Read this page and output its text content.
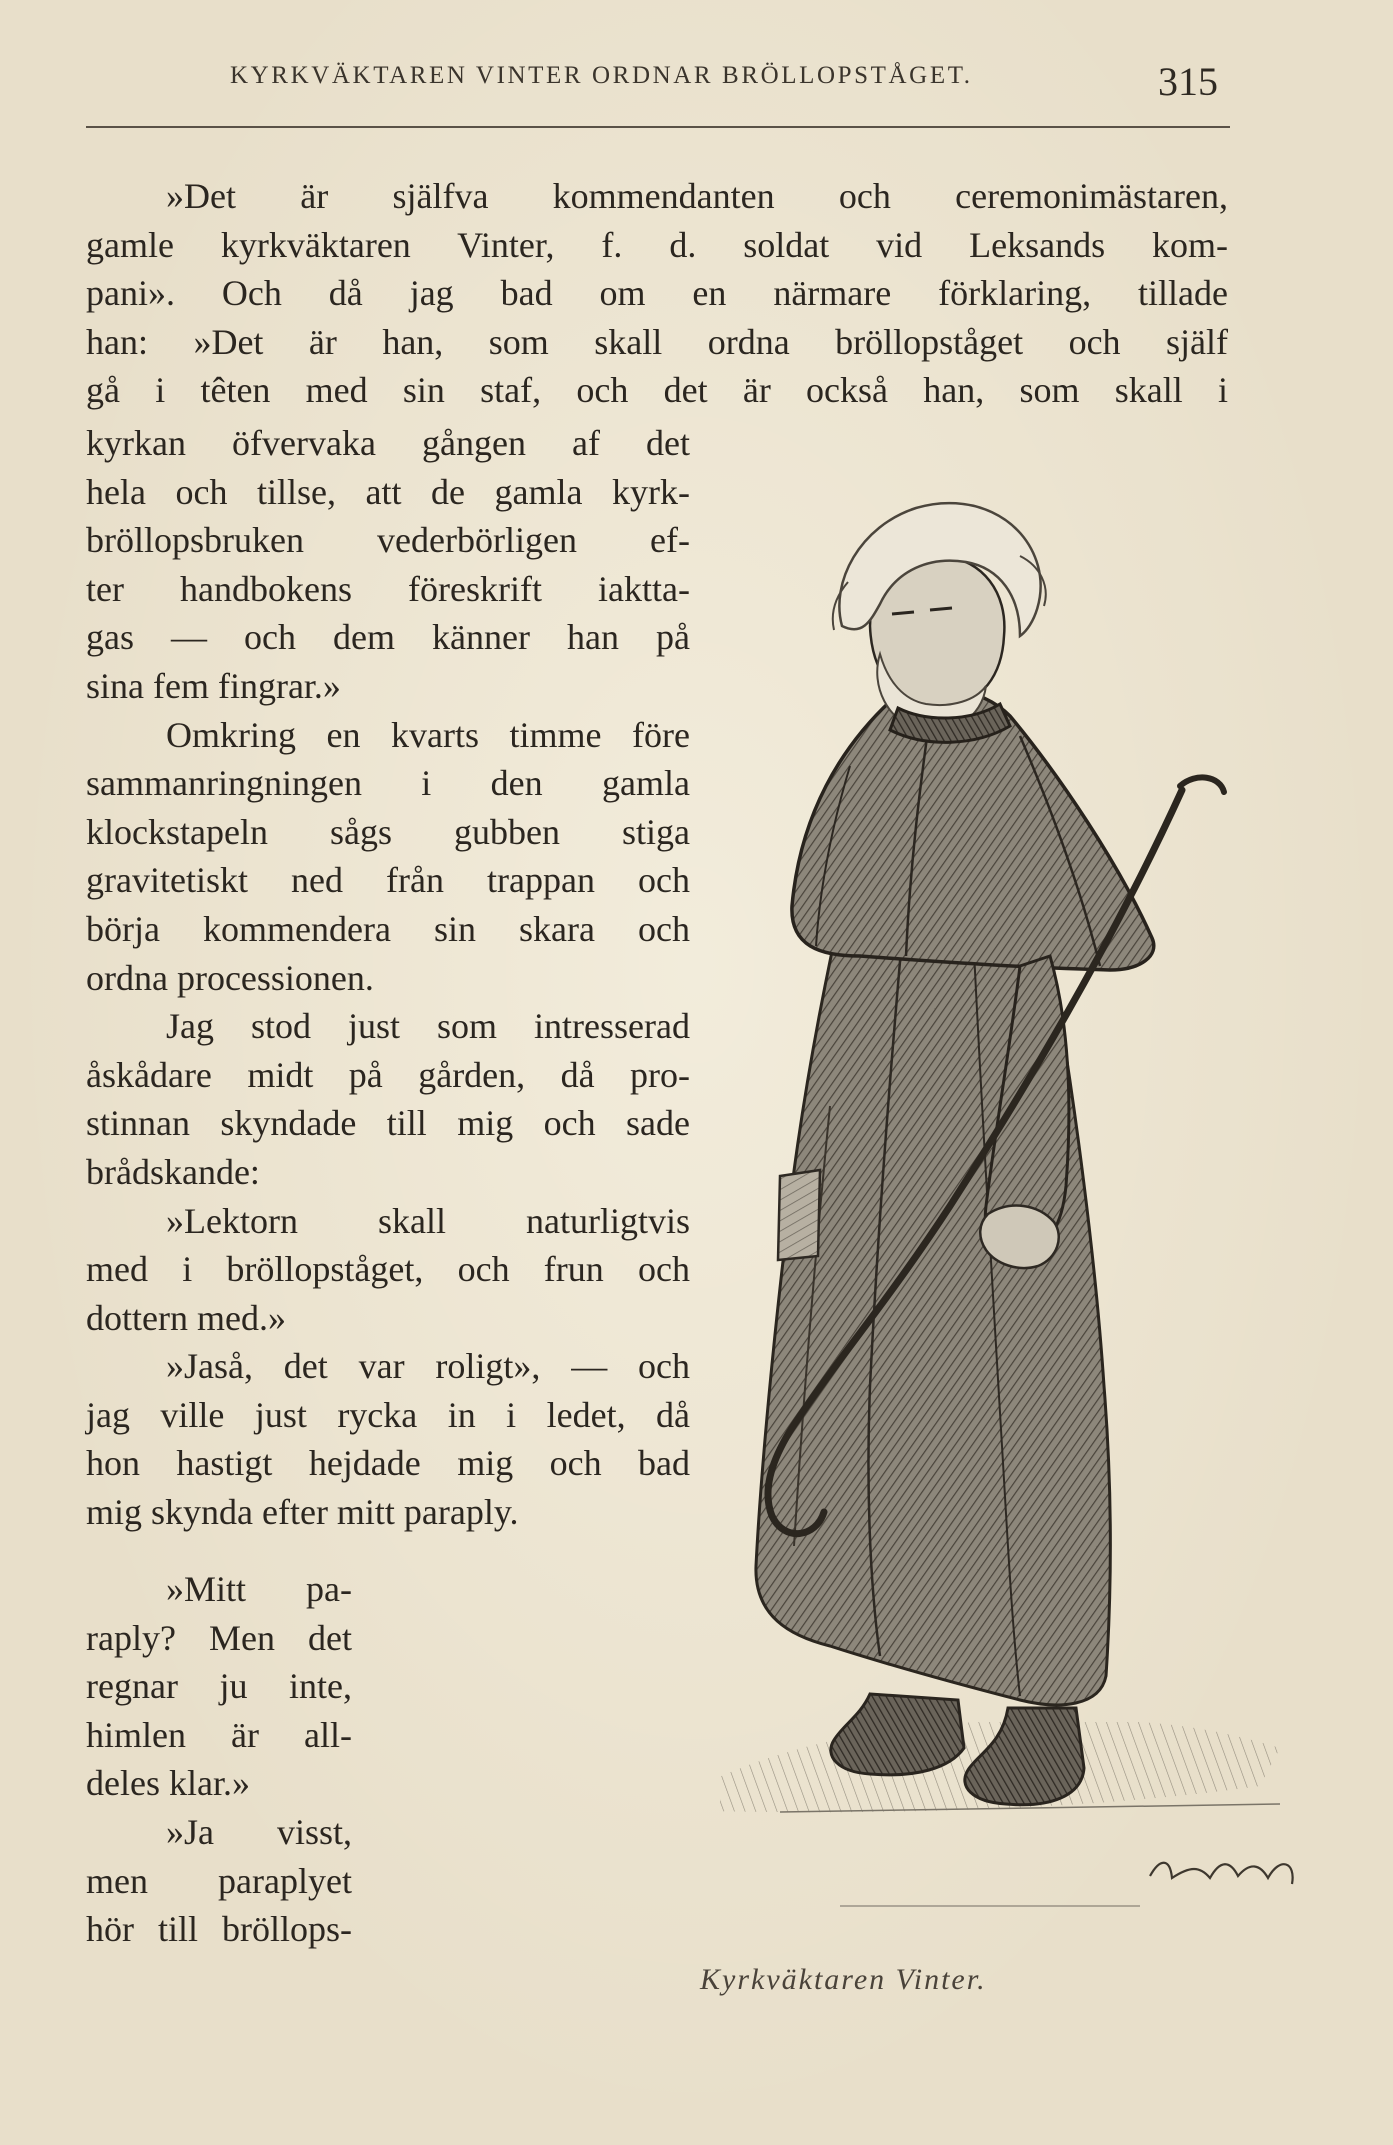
KYRKVÄKTAREN VINTER ORDNAR BRÖLLOPSTÅGET.	315
»Det är själfva kommendanten och ceremonimästaren,
gamle kyrkväktaren Vinter, f. d. soldat vid Leksands kom-
pani». Och då jag bad om en närmare förklaring, tillade
han: »Det är han, som skall ordna bröllopståget och själf
gå i têten med sin staf, och det är också han, som skall i
kyrkan öfvervaka gången af det
hela och tillse, att de gamla kyrk-
bröllopsbruken vederbörligen ef-
ter handbokens föreskrift iaktta-
gas — och dem känner han på
sina fem fingrar.»
Omkring en kvarts timme före
sammanringningen i den gamla
klockstapeln sågs gubben stiga
gravitetiskt ned från trappan och
börja kommendera sin skara och
ordna processionen.
Jag stod just som intresserad
åskådare midt på gården, då pro-
stinnan skyndade till mig och sade
brådskande:
»Lektorn skall naturligtvis
med i bröllopståget, och frun och
dottern med.»
»Jaså, det var roligt», — och
jag ville just rycka in i ledet, då
hon hastigt hejdade mig och bad
mig skynda efter mitt paraply.
»Mitt pa-
raply? Men det
regnar ju inte,
himlen är all-
deles klar.»
»Ja visst,
men paraplyet
hör till bröllops-
Kyrkväktaren Vinter.
